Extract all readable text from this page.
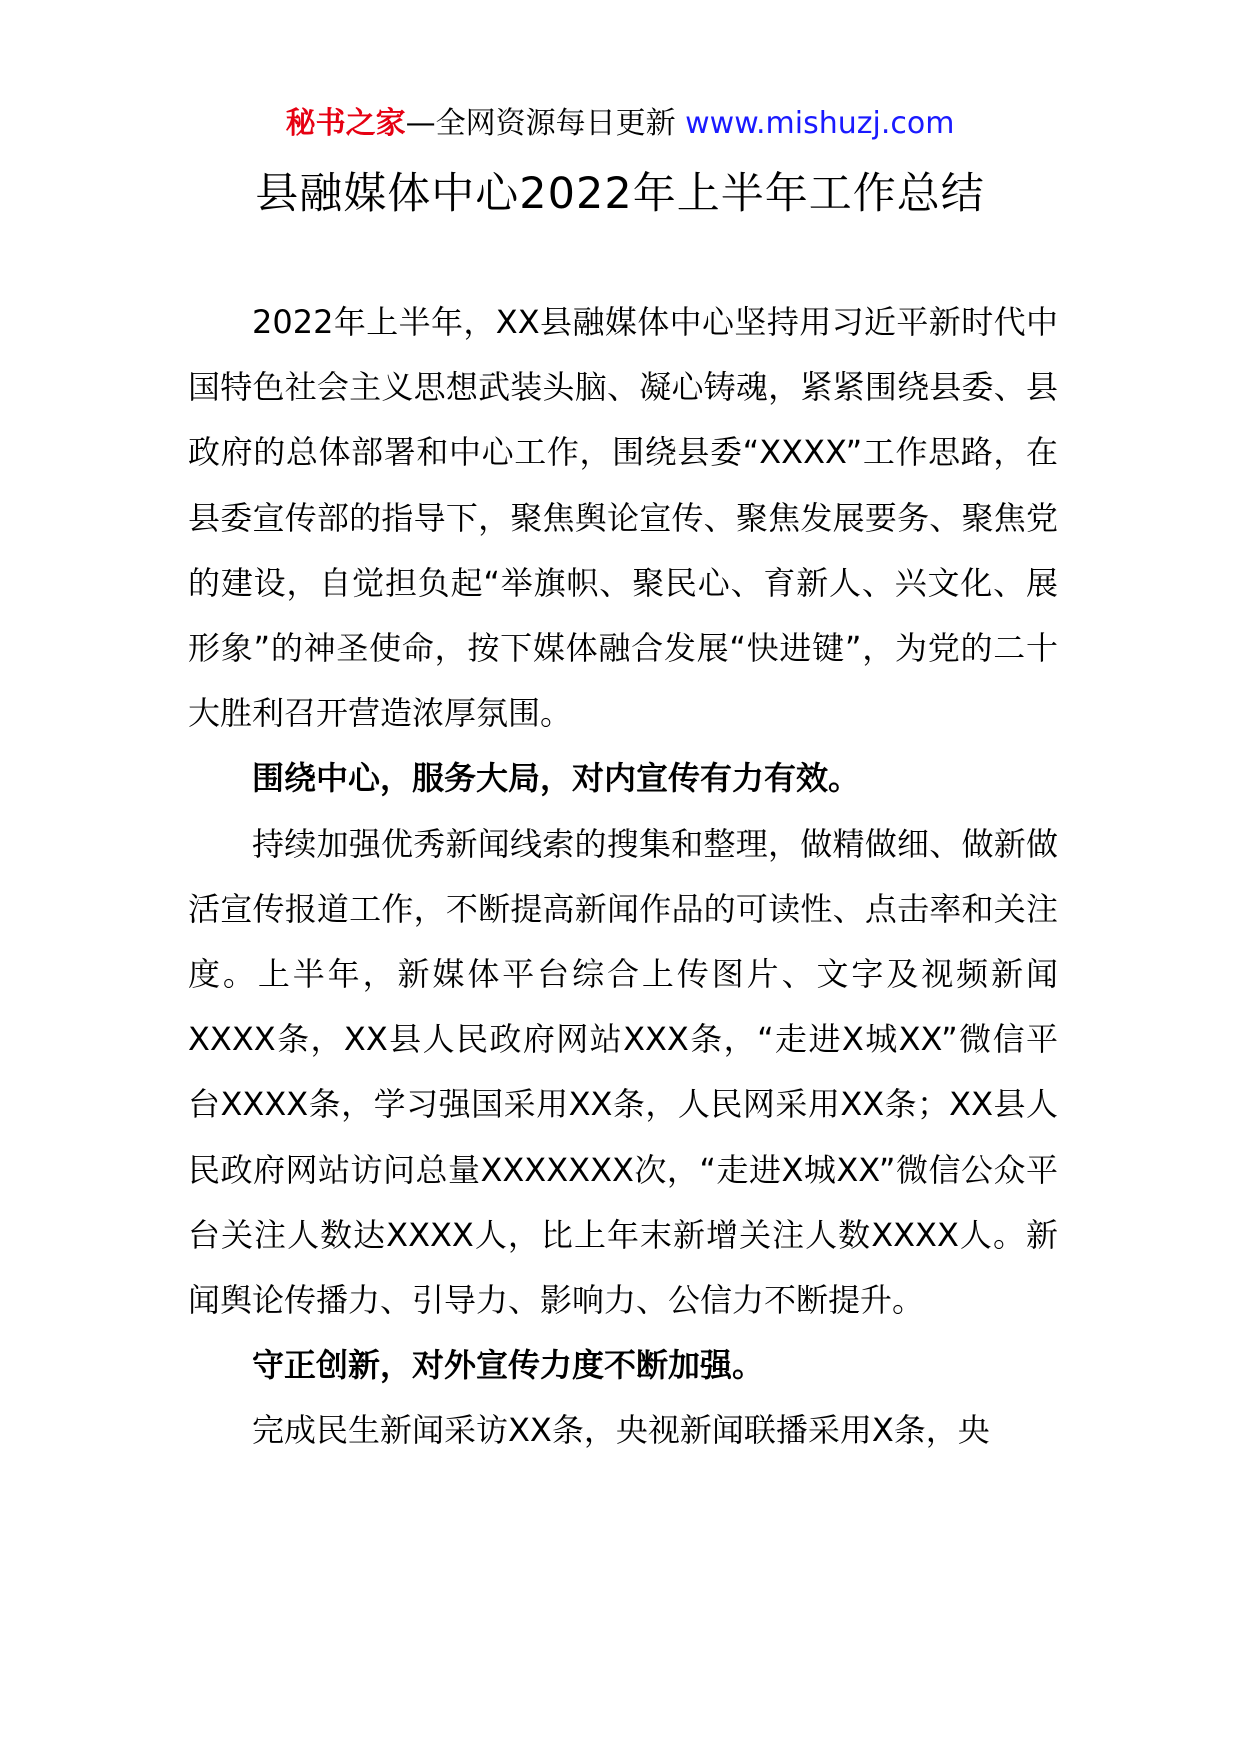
秘书之家—全网资源每日更新 www.mishuzj.com
县融媒体中心2022年上半年工作总结

2022年上半年，XX县融媒体中心坚持用习近平新时代中国特色社会主义思想武装头脑、凝心铸魂，紧紧围绕县委、县政府的总体部署和中心工作，围绕县委“XXXX”工作思路，在县委宣传部的指导下，聚焦舆论宣传、聚焦发展要务、聚焦党的建设，自觉担负起“举旗帜、聚民心、育新人、兴文化、展形象”的神圣使命，按下媒体融合发展“快进键”，为党的二十大胜利召开营造浓厚氛围。

围绕中心，服务大局，对内宣传有力有效。

持续加强优秀新闻线索的搜集和整理，做精做细、做新做活宣传报道工作，不断提高新闻作品的可读性、点击率和关注度。上半年，新媒体平台综合上传图片、文字及视频新闻XXXX条，XX县人民政府网站XXX条，“走进X城XX”微信平台XXXX条，学习强国采用XX条，人民网采用XX条；XX县人民政府网站访问总量XXXXXXX次，“走进X城XX”微信公众平台关注人数达XXXX人，比上年末新增关注人数XXXX人。新闻舆论传播力、引导力、影响力、公信力不断提升。

守正创新，对外宣传力度不断加强。

完成民生新闻采访XX条，央视新闻联播采用X条，央
